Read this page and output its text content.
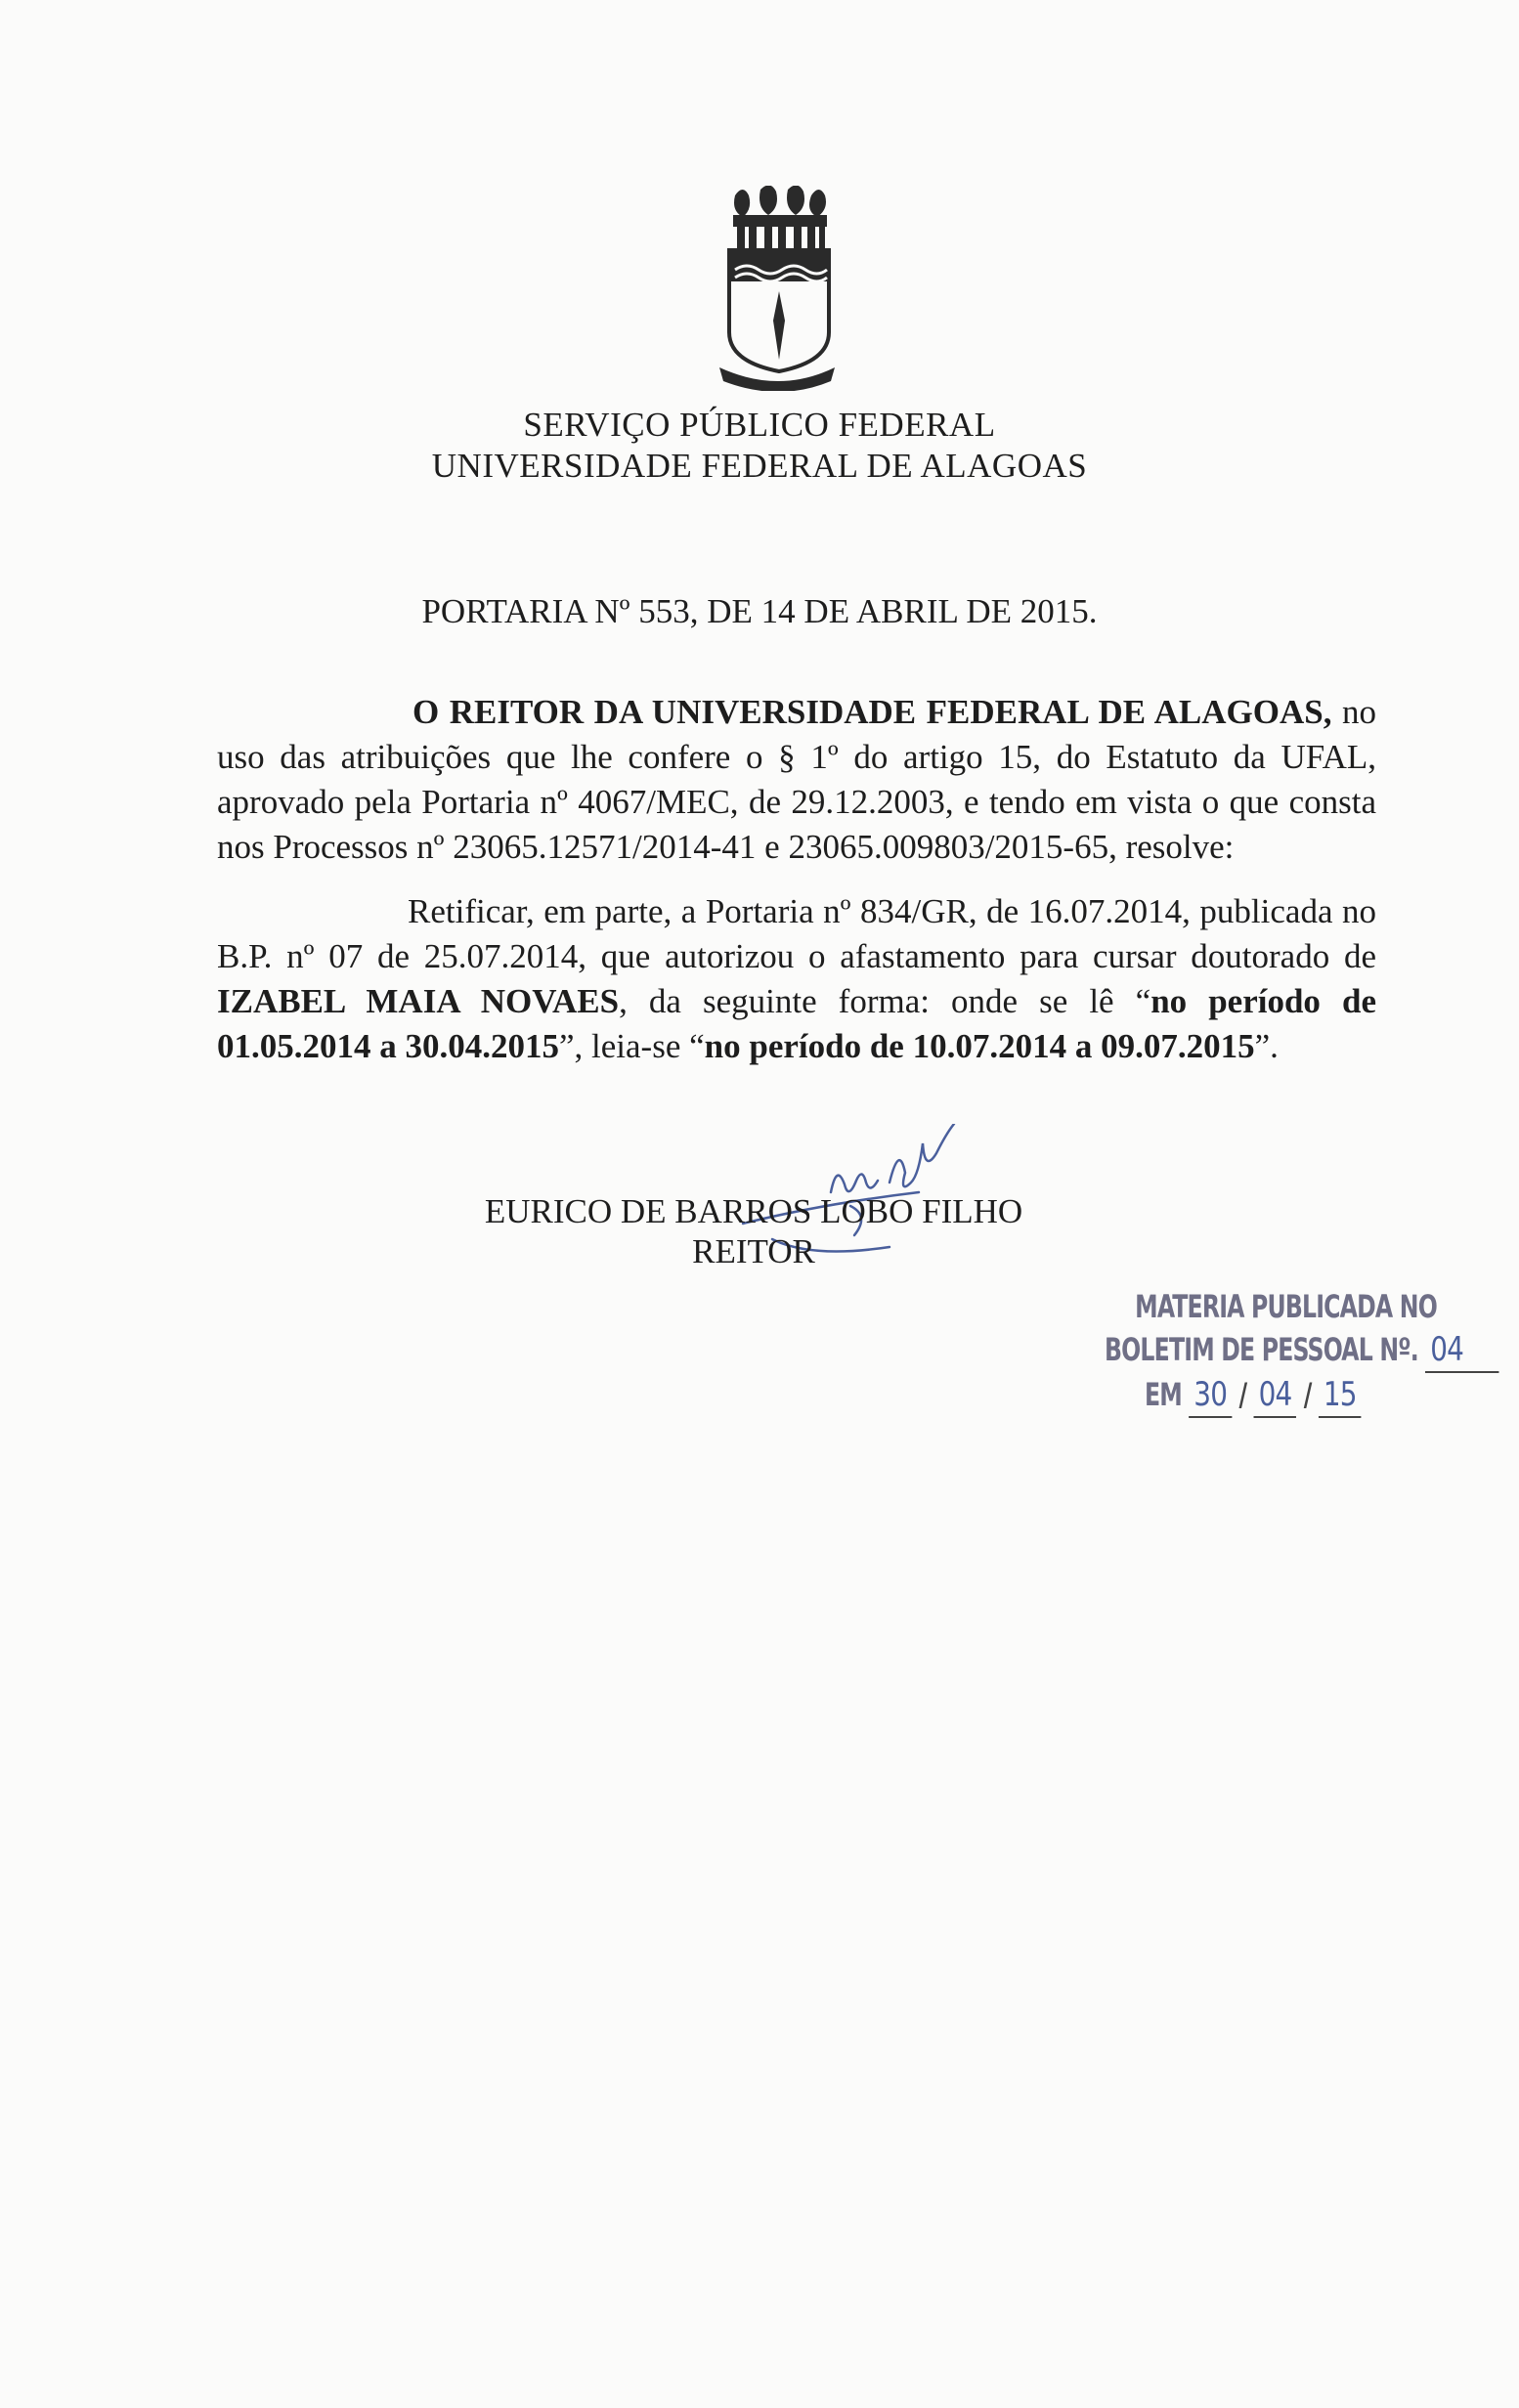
SERVIÇO PÚBLICO FEDERAL
UNIVERSIDADE FEDERAL DE ALAGOAS
PORTARIA Nº 553, DE 14 DE ABRIL DE 2015.
O REITOR DA UNIVERSIDADE FEDERAL DE ALAGOAS, no uso das atribuições que lhe confere o § 1º do artigo 15, do Estatuto da UFAL, aprovado pela Portaria nº 4067/MEC, de 29.12.2003, e tendo em vista o que consta nos Processos nº 23065.12571/2014-41 e 23065.009803/2015-65, resolve:
Retificar, em parte, a Portaria nº 834/GR, de 16.07.2014, publicada no B.P. nº 07 de 25.07.2014, que autorizou o afastamento para cursar doutorado de IZABEL MAIA NOVAES, da seguinte forma: onde se lê “no período de 01.05.2014 a 30.04.2015”, leia-se “no período de 10.07.2014 a 09.07.2015”.
EURICO DE BARROS LOBO FILHO
REITOR
MATERIA PUBLICADA NO
BOLETIM DE PESSOAL Nº. 04
EM 30 / 04 / 15
